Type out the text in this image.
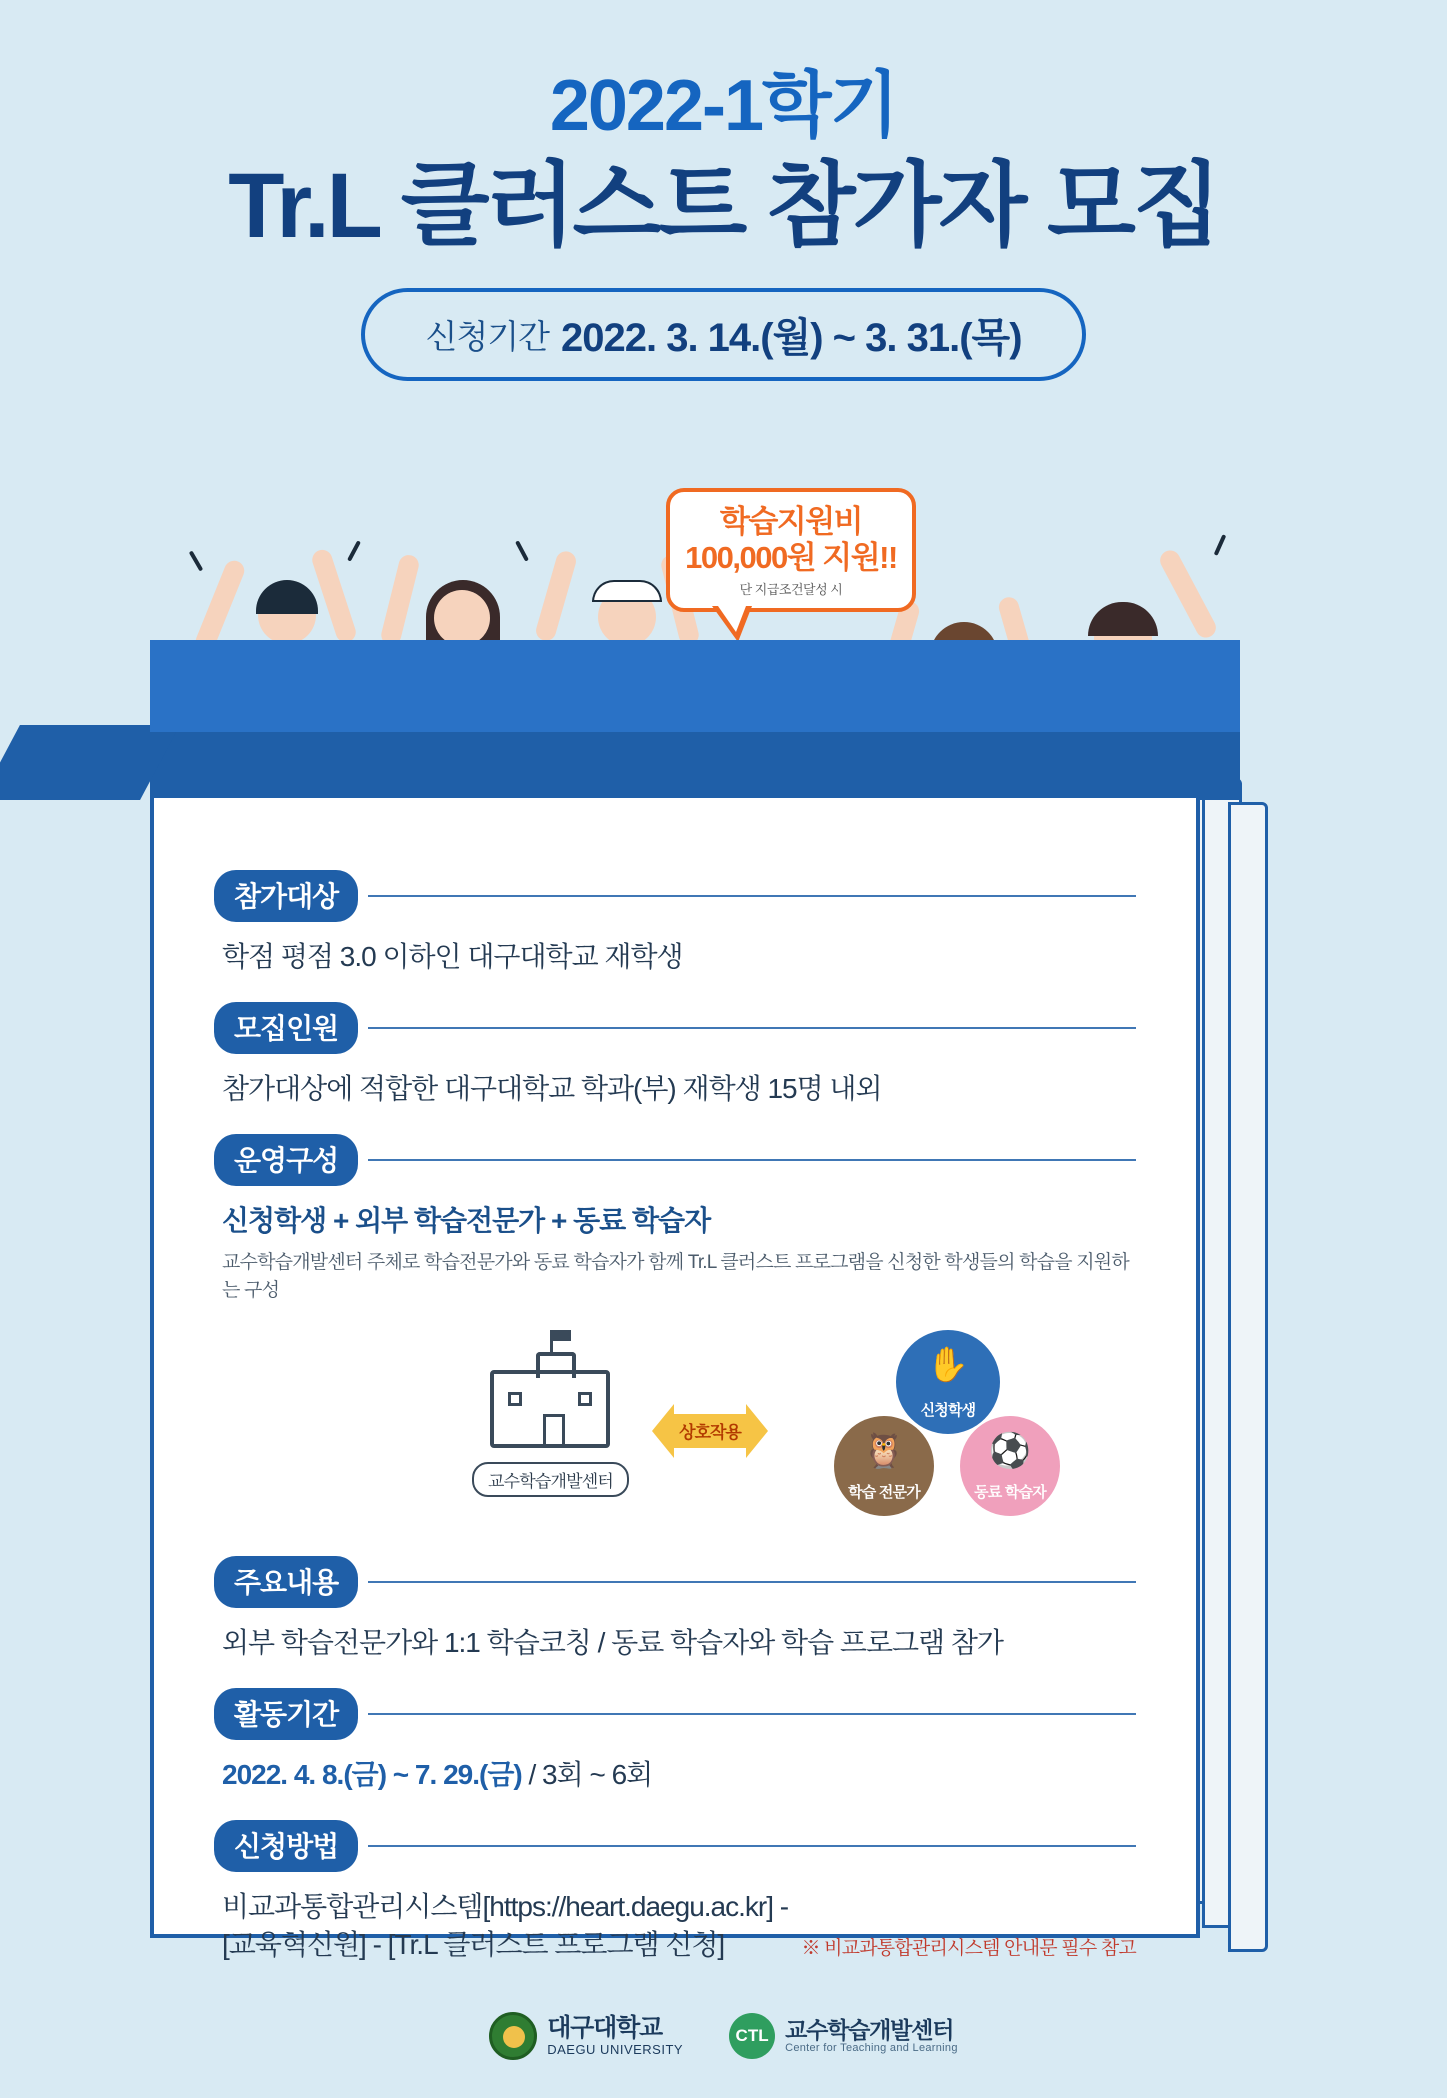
2022-1학기
Tr.L 클러스트 참가자 모집
신청기간 2022. 3. 14.(월) ~ 3. 31.(목)
학습지원비
100,000원 지원!!
단 지급조건달성 시
참가대상
학점 평점 3.0 이하인 대구대학교 재학생
모집인원
참가대상에 적합한 대구대학교 학과(부) 재학생 15명 내외
운영구성
신청학생 + 외부 학습전문가 + 동료 학습자
교수학습개발센터 주체로 학습전문가와 동료 학습자가 함께 Tr.L 클러스트 프로그램을 신청한 학생들의 학습을 지원하는 구성
교수학습개발센터
상호작용
✋
신청학생
🦉
학습 전문가
⚽
동료 학습자
주요내용
외부 학습전문가와 1:1 학습코칭 / 동료 학습자와 학습 프로그램 참가
활동기간
2022. 4. 8.(금) ~ 7. 29.(금) / 3회 ~ 6회
신청방법
비교과통합관리시스템[https://heart.daegu.ac.kr] - [교육혁신원] - [Tr.L 클러스트 프로그램 신청]	※ 비교과통합관리시스템 안내문 필수 참고
대구대학교
DAEGU UNIVERSITY
CTL 교수학습개발센터
Center for Teaching and Learning
